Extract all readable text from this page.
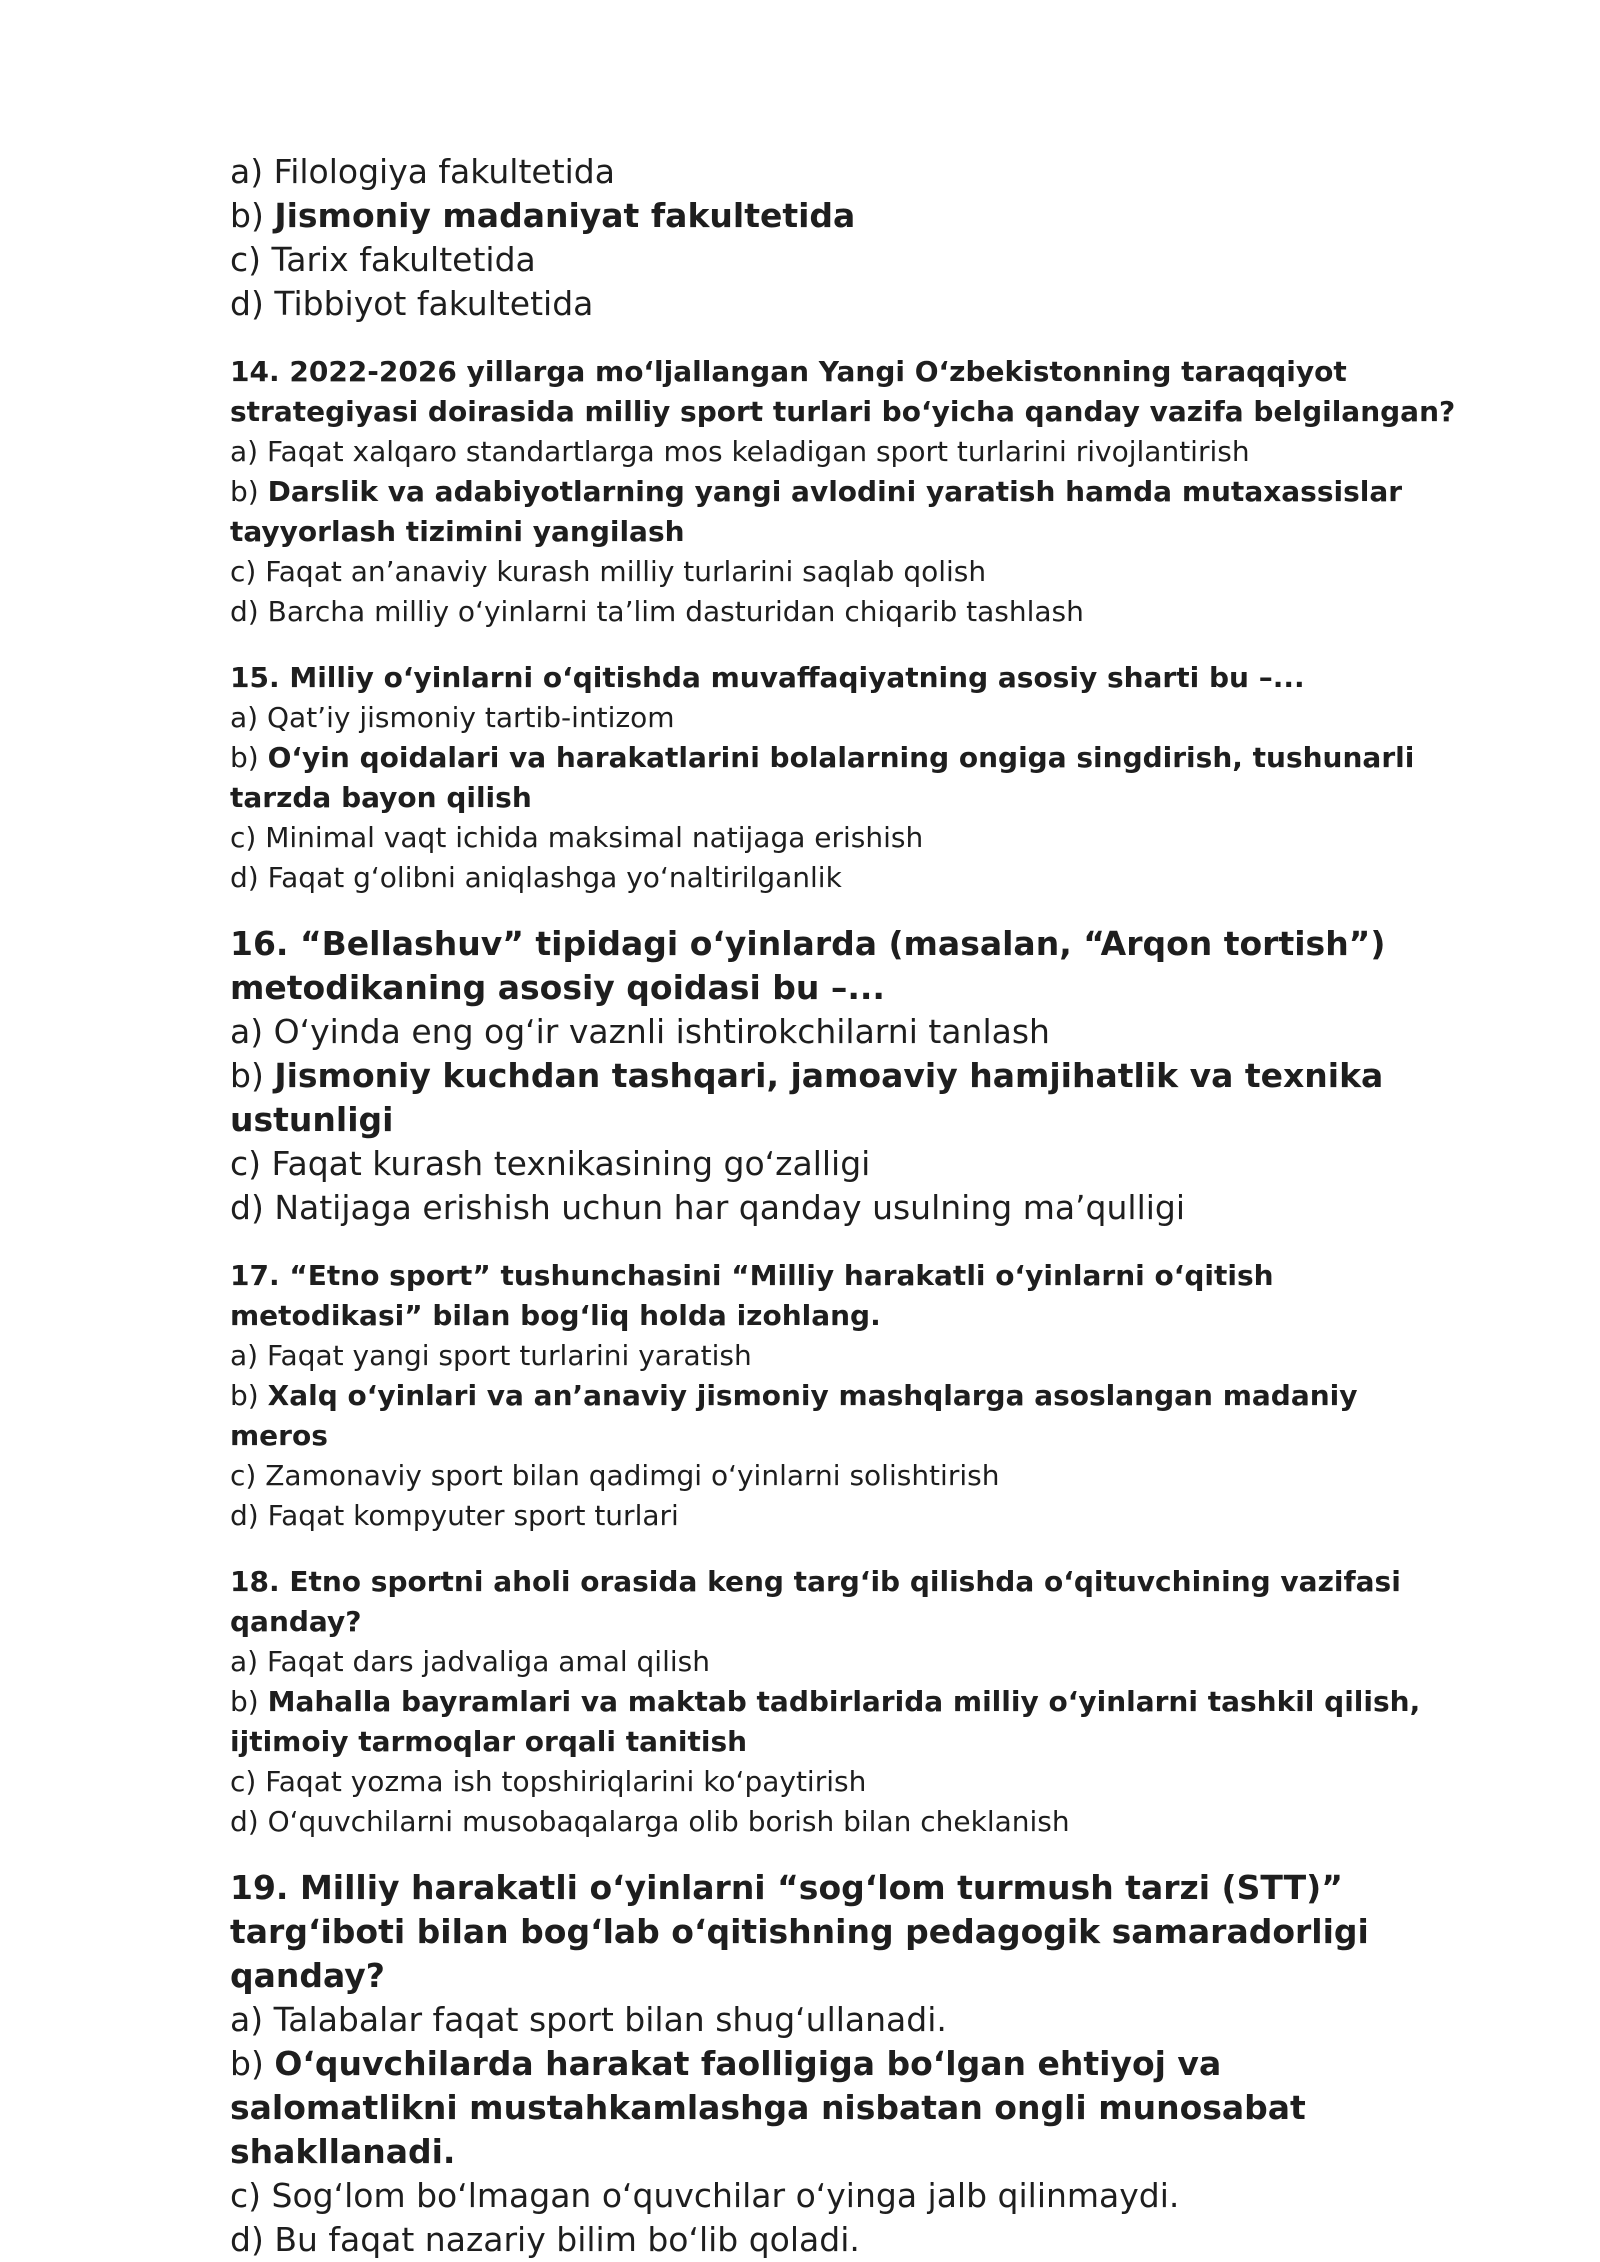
a) Filologiya fakultetida

b) Jismoniy madaniyat fakultetida

c) Tarix fakultetida

d) Tibbiyot fakultetida

14. 2022-2026 yillarga mo‘ljallangan Yangi O‘zbekistonning taraqqiyot strategiyasi doirasida milliy sport turlari bo‘yicha qanday vazifa belgilangan?

a) Faqat xalqaro standartlarga mos keladigan sport turlarini rivojlantirish

b) Darslik va adabiyotlarning yangi avlodini yaratish hamda mutaxassislar tayyorlash tizimini yangilash

c) Faqat an’anaviy kurash milliy turlarini saqlab qolish

d) Barcha milliy o‘yinlarni ta’lim dasturidan chiqarib tashlash

15. Milliy o‘yinlarni o‘qitishda muvaffaqiyatning asosiy sharti bu –...

a) Qat’iy jismoniy tartib-intizom

b) O‘yin qoidalari va harakatlarini bolalarning ongiga singdirish, tushunarli tarzda bayon qilish

c) Minimal vaqt ichida maksimal natijaga erishish

d) Faqat g‘olibni aniqlashga yo‘naltirilganlik

16. “Bellashuv” tipidagi o‘yinlarda (masalan, “Arqon tortish”) metodikaning asosiy qoidasi bu –...

a) O‘yinda eng og‘ir vaznli ishtirokchilarni tanlash

b) Jismoniy kuchdan tashqari, jamoaviy hamjihatlik va texnika ustunligi

c) Faqat kurash texnikasining go‘zalligi

d) Natijaga erishish uchun har qanday usulning ma’qulligi

17. “Etno sport” tushunchasini “Milliy harakatli o‘yinlarni o‘qitish metodikasi” bilan bog‘liq holda izohlang.

a) Faqat yangi sport turlarini yaratish

b) Xalq o‘yinlari va an’anaviy jismoniy mashqlarga asoslangan madaniy meros

c) Zamonaviy sport bilan qadimgi o‘yinlarni solishtirish

d) Faqat kompyuter sport turlari

18. Etno sportni aholi orasida keng targ‘ib qilishda o‘qituvchining vazifasi qanday?

a) Faqat dars jadvaliga amal qilish

b) Mahalla bayramlari va maktab tadbirlarida milliy o‘yinlarni tashkil qilish, ijtimoiy tarmoqlar orqali tanitish

c) Faqat yozma ish topshiriqlarini ko‘paytirish

d) O‘quvchilarni musobaqalarga olib borish bilan cheklanish

19. Milliy harakatli o‘yinlarni “sog‘lom turmush tarzi (STT)” targ‘iboti bilan bog‘lab o‘qitishning pedagogik samaradorligi qanday?

a) Talabalar faqat sport bilan shug‘ullanadi.

b) O‘quvchilarda harakat faolligiga bo‘lgan ehtiyoj va salomatlikni mustahkamlashga nisbatan ongli munosabat shakllanadi.

c) Sog‘lom bo‘lmagan o‘quvchilar o‘yinga jalb qilinmaydi.

d) Bu faqat nazariy bilim bo‘lib qoladi.
